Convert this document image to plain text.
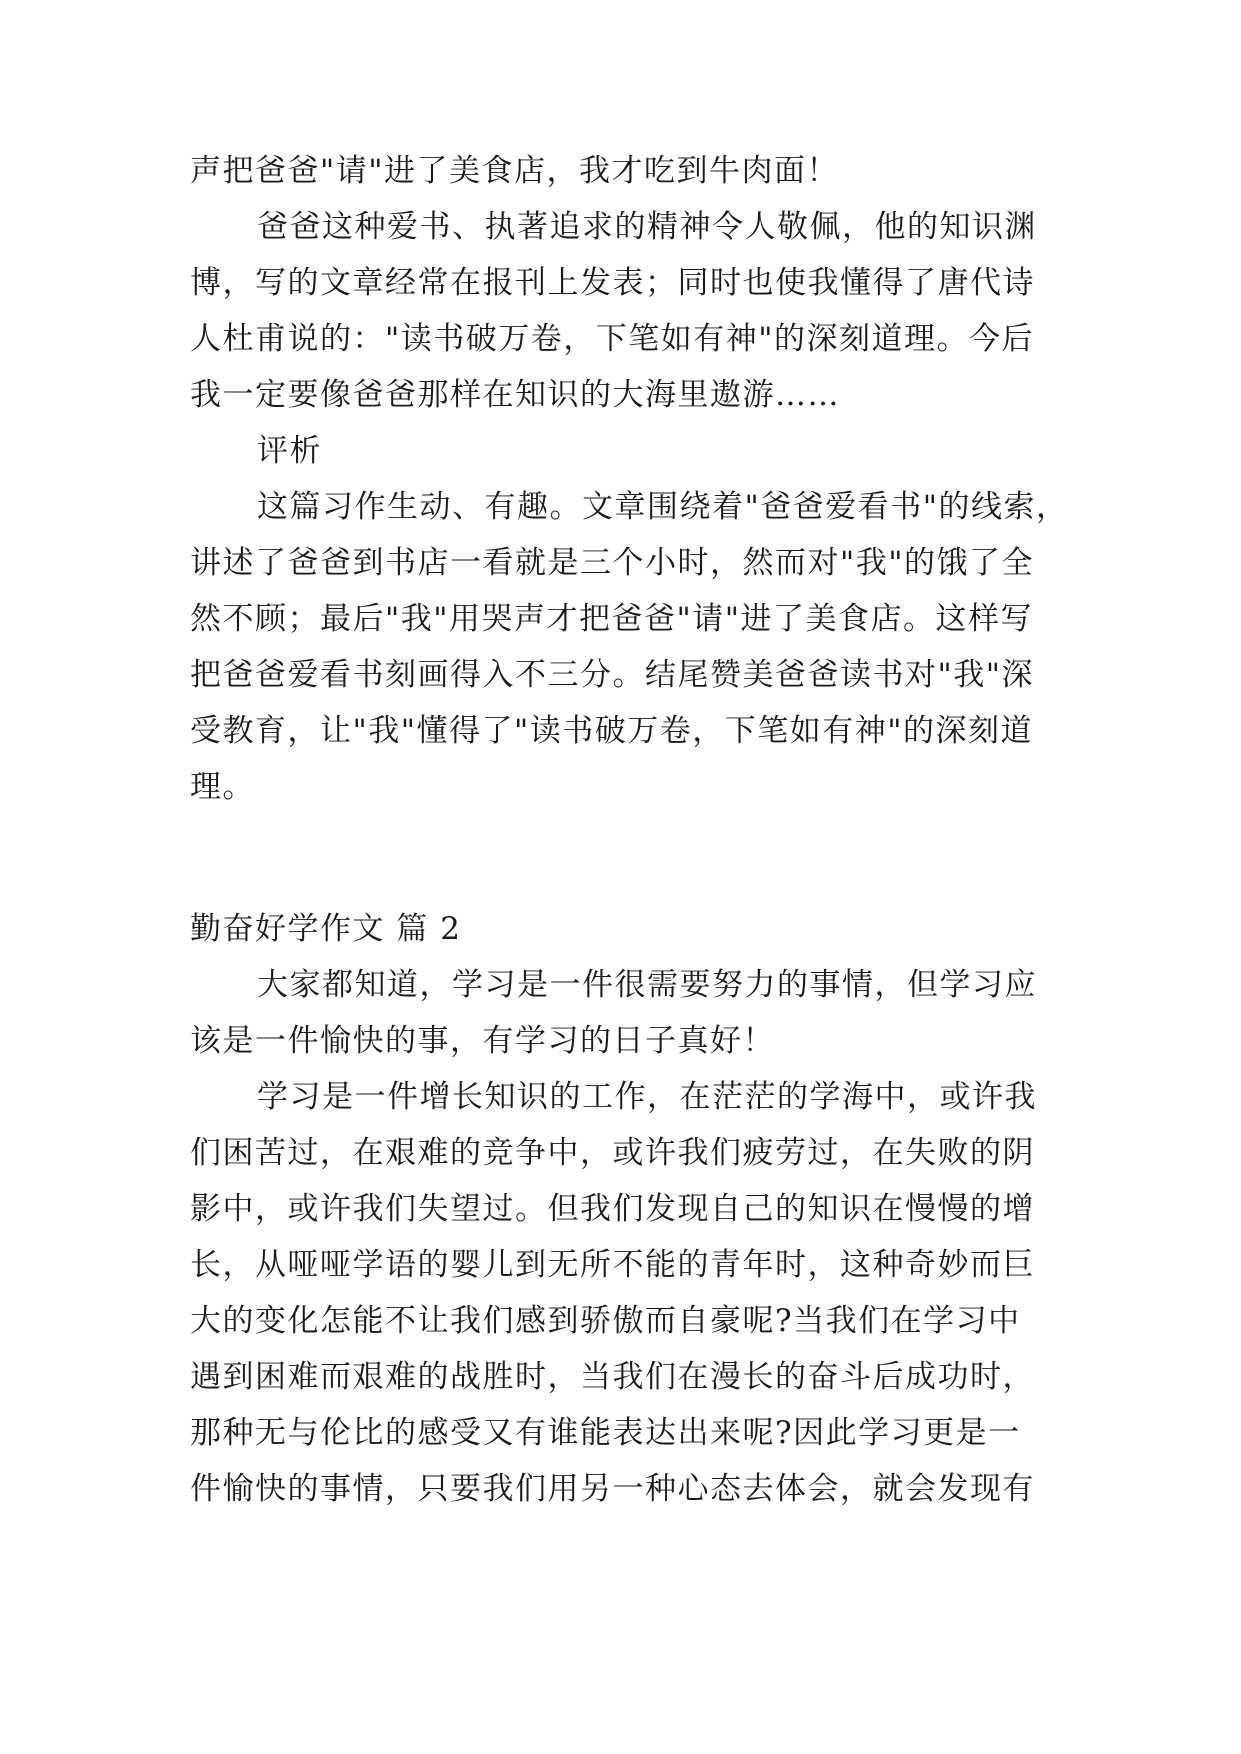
声把爸爸"请"进了美食店，我才吃到牛肉面！
爸爸这种爱书、执著追求的精神令人敬佩，他的知识渊
博，写的文章经常在报刊上发表；同时也使我懂得了唐代诗
人杜甫说的："读书破万卷，下笔如有神"的深刻道理。今后
我一定要像爸爸那样在知识的大海里遨游……
评析
这篇习作生动、有趣。文章围绕着"爸爸爱看书"的线索，
讲述了爸爸到书店一看就是三个小时，然而对"我"的饿了全
然不顾；最后"我"用哭声才把爸爸"请"进了美食店。这样写
把爸爸爱看书刻画得入不三分。结尾赞美爸爸读书对"我"深
受教育，让"我"懂得了"读书破万卷，下笔如有神"的深刻道
理。
勤奋好学作文 篇 2
大家都知道，学习是一件很需要努力的事情，但学习应
该是一件愉快的事，有学习的日子真好！
学习是一件增长知识的工作，在茫茫的学海中，或许我
们困苦过，在艰难的竞争中，或许我们疲劳过，在失败的阴
影中，或许我们失望过。但我们发现自己的知识在慢慢的增
长，从哑哑学语的婴儿到无所不能的青年时，这种奇妙而巨
大的变化怎能不让我们感到骄傲而自豪呢?当我们在学习中
遇到困难而艰难的战胜时，当我们在漫长的奋斗后成功时，
那种无与伦比的感受又有谁能表达出来呢?因此学习更是一
件愉快的事情，只要我们用另一种心态去体会，就会发现有
